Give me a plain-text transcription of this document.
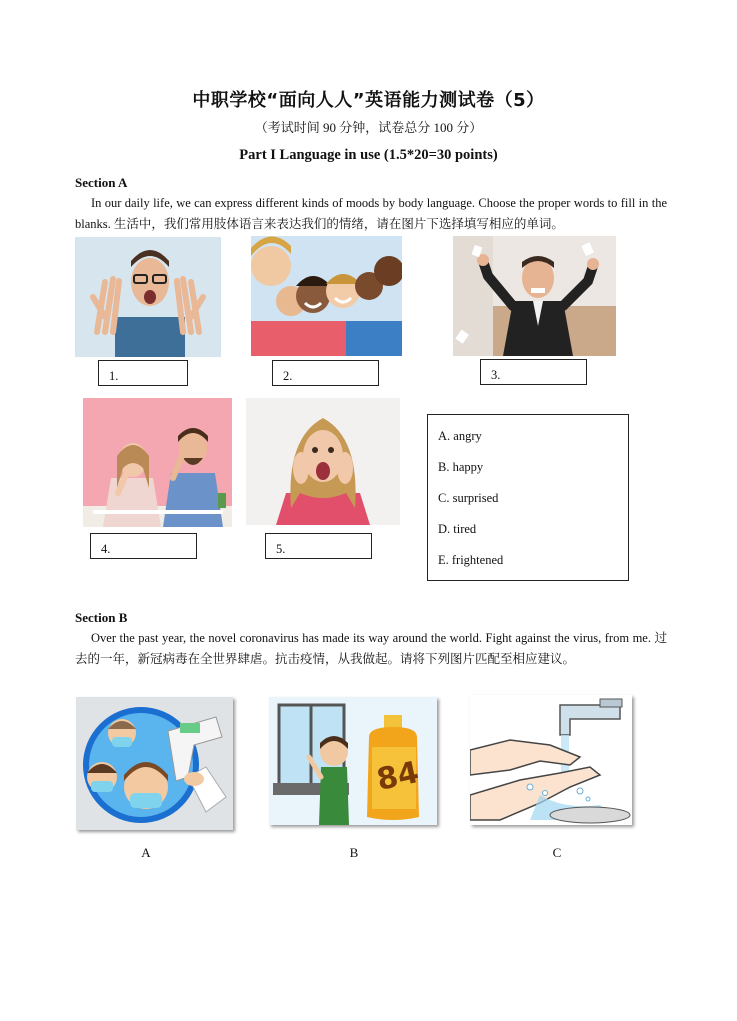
中职学校“面向人人”英语能力测试卷（5）
（考试时间 90 分钟，试卷总分 100 分）
Part I Language in use (1.5*20=30 points)
Section A
In our daily life, we can express different kinds of moods by body language. Choose the proper words to fill in the blanks. 生活中，我们常用肢体语言来表达我们的情绪，请在图片下选择填写相应的单词。
1.	2.	3.
4.	5.
A. angry
B. happy
C. surprised
D. tired
E. frightened
Section B
Over the past year, the novel coronavirus has made its way around the world. Fight against the virus, from me. 过去的一年，新冠病毒在全世界肆虐。抗击疫情，从我做起。请将下列图片匹配至相应建议。
84
A	B	C
